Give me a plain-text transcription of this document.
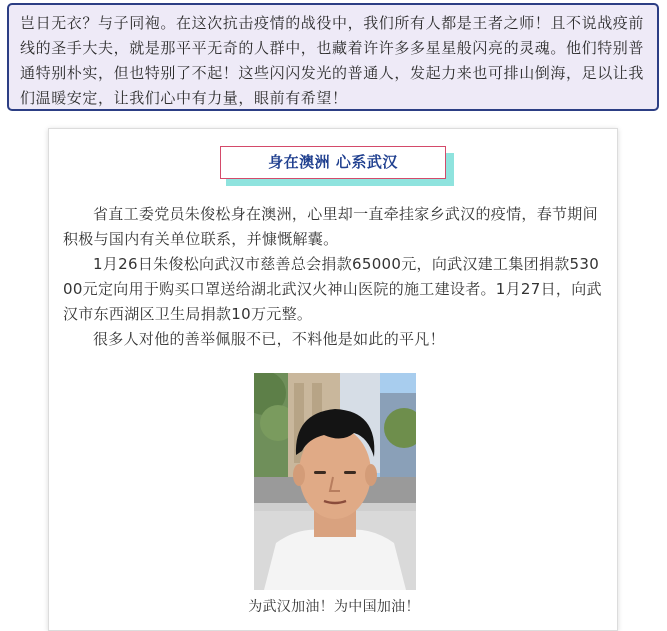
岂日无衣？与子同袍。在这次抗击疫情的战役中，我们所有人都是王者之师！且不说战疫前线的圣手大夫，就是那平平无奇的人群中，也藏着许许多多星星般闪亮的灵魂。他们特别普通特别朴实，但也特别了不起！这些闪闪发光的普通人，发起力来也可排山倒海，足以让我们温暖安定，让我们心中有力量，眼前有希望！

身在澳洲 心系武汉

省直工委党员朱俊松身在澳洲，心里却一直牵挂家乡武汉的疫情，春节期间积极与国内有关单位联系，并慷慨解囊。

1月26日朱俊松向武汉市慈善总会捐款65000元，向武汉建工集团捐款53000元定向用于购买口罩送给湖北武汉火神山医院的施工建设者。1月27日，向武汉市东西湖区卫生局捐款10万元整。

很多人对他的善举佩服不已，不料他是如此的平凡！

为武汉加油！为中国加油！
